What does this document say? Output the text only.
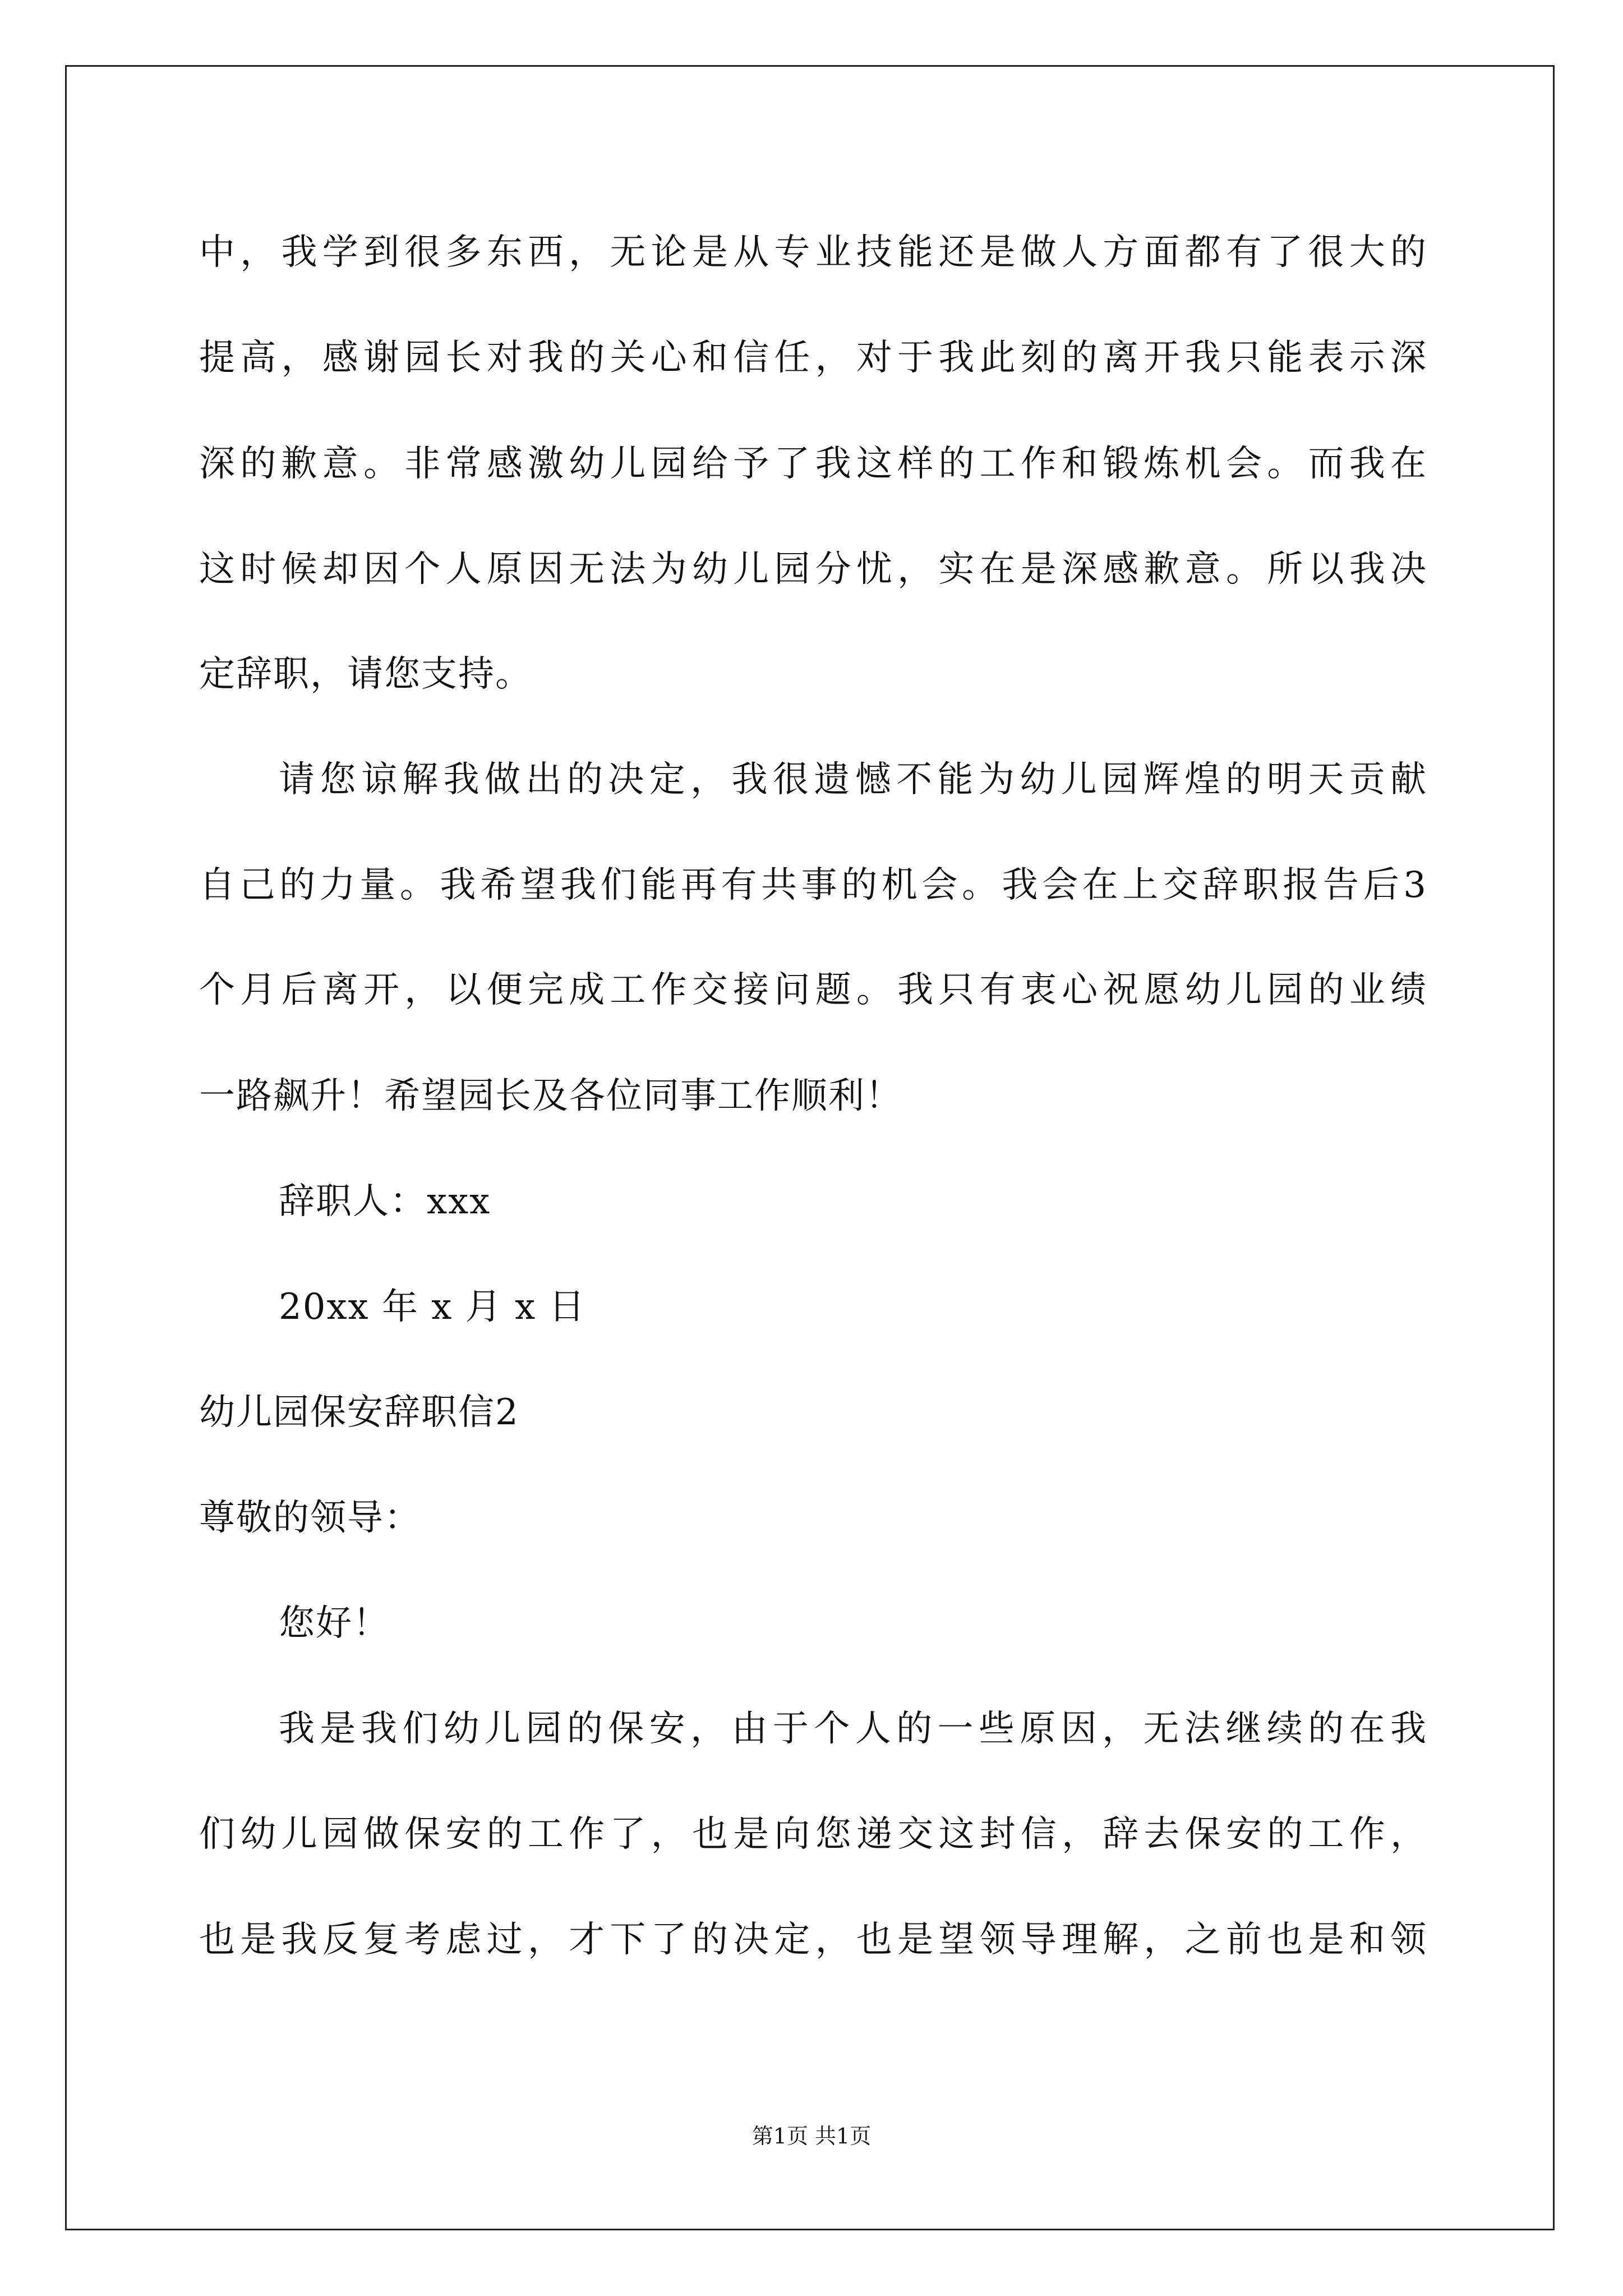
中，我学到很多东西，无论是从专业技能还是做人方面都有了很大的
提高，感谢园长对我的关心和信任，对于我此刻的离开我只能表示深
深的歉意。非常感激幼儿园给予了我这样的工作和锻炼机会。而我在
这时候却因个人原因无法为幼儿园分忧，实在是深感歉意。所以我决
定辞职，请您支持。
请您谅解我做出的决定，我很遗憾不能为幼儿园辉煌的明天贡献
自己的力量。我希望我们能再有共事的机会。我会在上交辞职报告后3
个月后离开，以便完成工作交接问题。我只有衷心祝愿幼儿园的业绩
一路飙升！希望园长及各位同事工作顺利！
辞职人：xxx
20xx 年 x 月 x 日
幼儿园保安辞职信2
尊敬的领导：
您好！
我是我们幼儿园的保安，由于个人的一些原因，无法继续的在我
们幼儿园做保安的工作了，也是向您递交这封信，辞去保安的工作，
也是我反复考虑过，才下了的决定，也是望领导理解，之前也是和领
第1页 共1页
